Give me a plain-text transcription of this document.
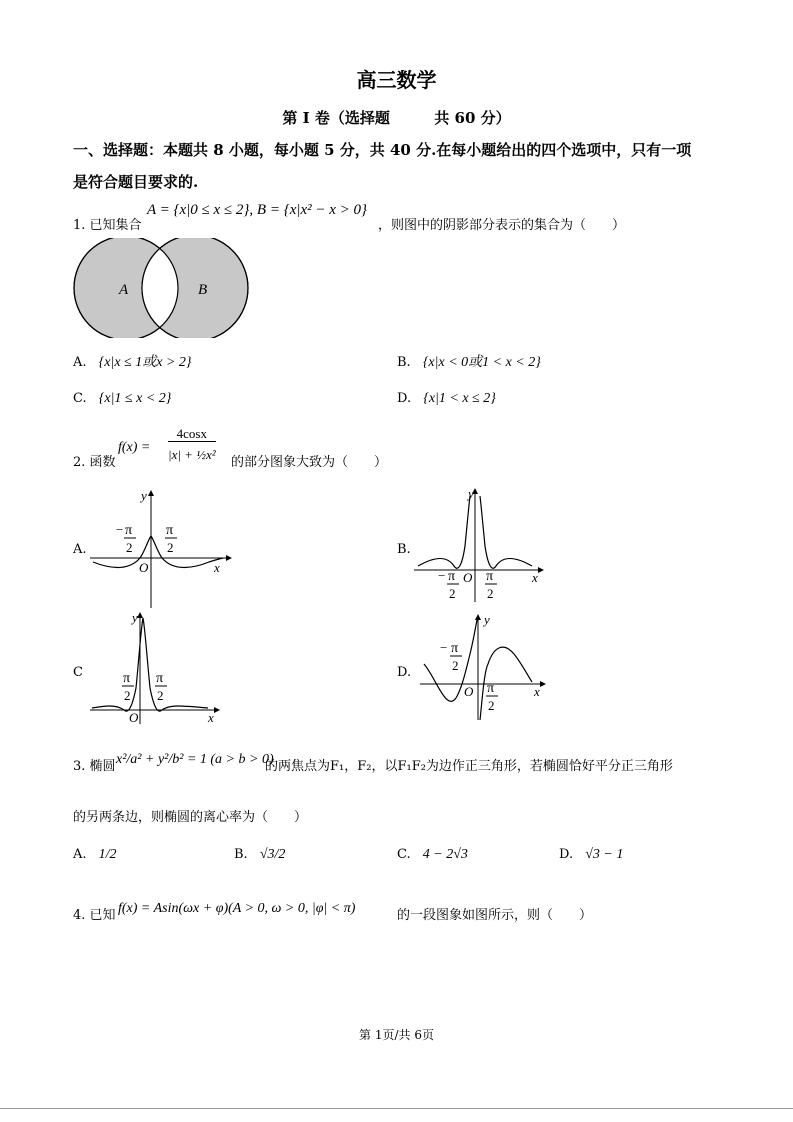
高三数学
第 I 卷（选择题	共 60 分）
一、选择题：本题共 8 小题，每小题 5 分，共 40 分.在每小题给出的四个选项中，只有一项
是符合题目要求的.
1. 已知集合
A = {x|0 ≤ x ≤ 2}, B = {x|x² − x > 0}
，则图中的阴影部分表示的集合为（　　）
A	B
A. {x|x ≤ 1或x > 2}	B. {x|x < 0或1 < x < 2}
C. {x|1 ≤ x < 2}	D. {x|1 < x ≤ 2}
2. 函数
$f(x) = \frac{4\cos x}{\text{|x| + ½x²}}$
的部分图象大致为（　　）
A.
y
x
O
− π
2
π
2	B.
y
x
O
− π
2
π
2
C
y
x
O
π
2
π
2
D.
y
x
O
− π
2
π
2
3. 椭圆 x²/a² + y²/b² = 1 (a > b > 0)
的两焦点为F₁，F₂，以F₁F₂为边作正三角形，若椭圆恰好平分正三角形
的另两条边，则椭圆的离心率为（　　）
A. 1/2	B. √3/2	C. 4 − 2√3	D. √3 − 1
4. 已知 f(x) = Asin(ωx + φ)(A > 0, ω > 0, |φ| < π)	的一段图象如图所示，则（　　）
第 1页/共 6页
